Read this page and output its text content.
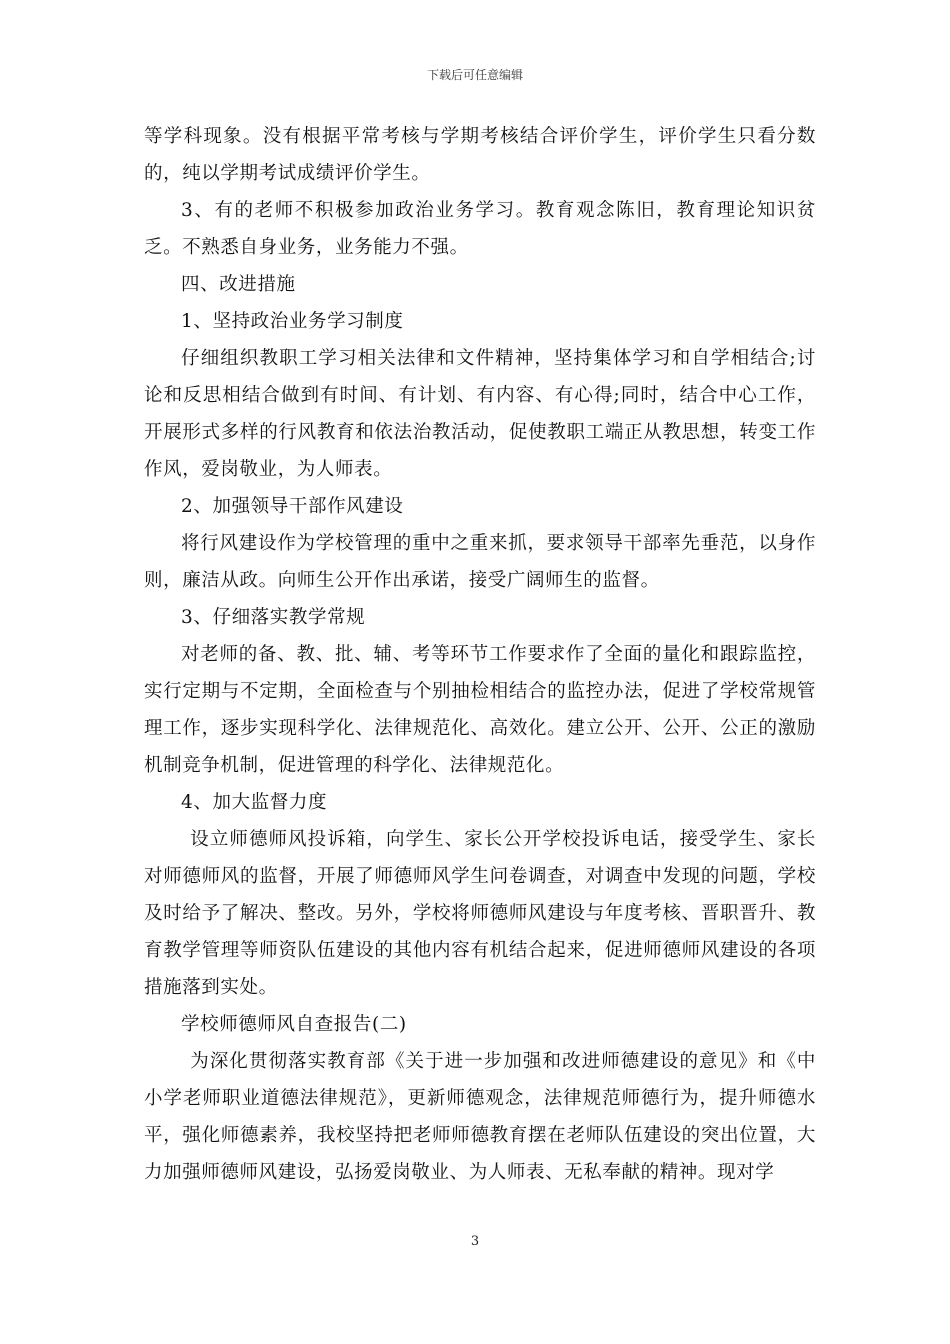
下载后可任意编辑

等学科现象。没有根据平常考核与学期考核结合评价学生，评价学生只看分数的，纯以学期考试成绩评价学生。

3、有的老师不积极参加政治业务学习。教育观念陈旧，教育理论知识贫乏。不熟悉自身业务，业务能力不强。

四、改进措施

1、坚持政治业务学习制度

仔细组织教职工学习相关法律和文件精神，坚持集体学习和自学相结合;讨论和反思相结合做到有时间、有计划、有内容、有心得;同时，结合中心工作，开展形式多样的行风教育和依法治教活动，促使教职工端正从教思想，转变工作作风，爱岗敬业，为人师表。

2、加强领导干部作风建设

将行风建设作为学校管理的重中之重来抓，要求领导干部率先垂范，以身作则，廉洁从政。向师生公开作出承诺，接受广阔师生的监督。

3、仔细落实教学常规

对老师的备、教、批、辅、考等环节工作要求作了全面的量化和跟踪监控，实行定期与不定期，全面检查与个别抽检相结合的监控办法，促进了学校常规管理工作，逐步实现科学化、法律规范化、高效化。建立公开、公开、公正的激励机制竞争机制，促进管理的科学化、法律规范化。

4、加大监督力度

设立师德师风投诉箱，向学生、家长公开学校投诉电话，接受学生、家长对师德师风的监督，开展了师德师风学生问卷调查，对调查中发现的问题，学校及时给予了解决、整改。另外，学校将师德师风建设与年度考核、晋职晋升、教育教学管理等师资队伍建设的其他内容有机结合起来，促进师德师风建设的各项措施落到实处。

学校师德师风自查报告(二)

为深化贯彻落实教育部《关于进一步加强和改进师德建设的意见》和《中小学老师职业道德法律规范》，更新师德观念，法律规范师德行为，提升师德水平，强化师德素养，我校坚持把老师师德教育摆在老师队伍建设的突出位置，大力加强师德师风建设，弘扬爱岗敬业、为人师表、无私奉献的精神。现对学

3
